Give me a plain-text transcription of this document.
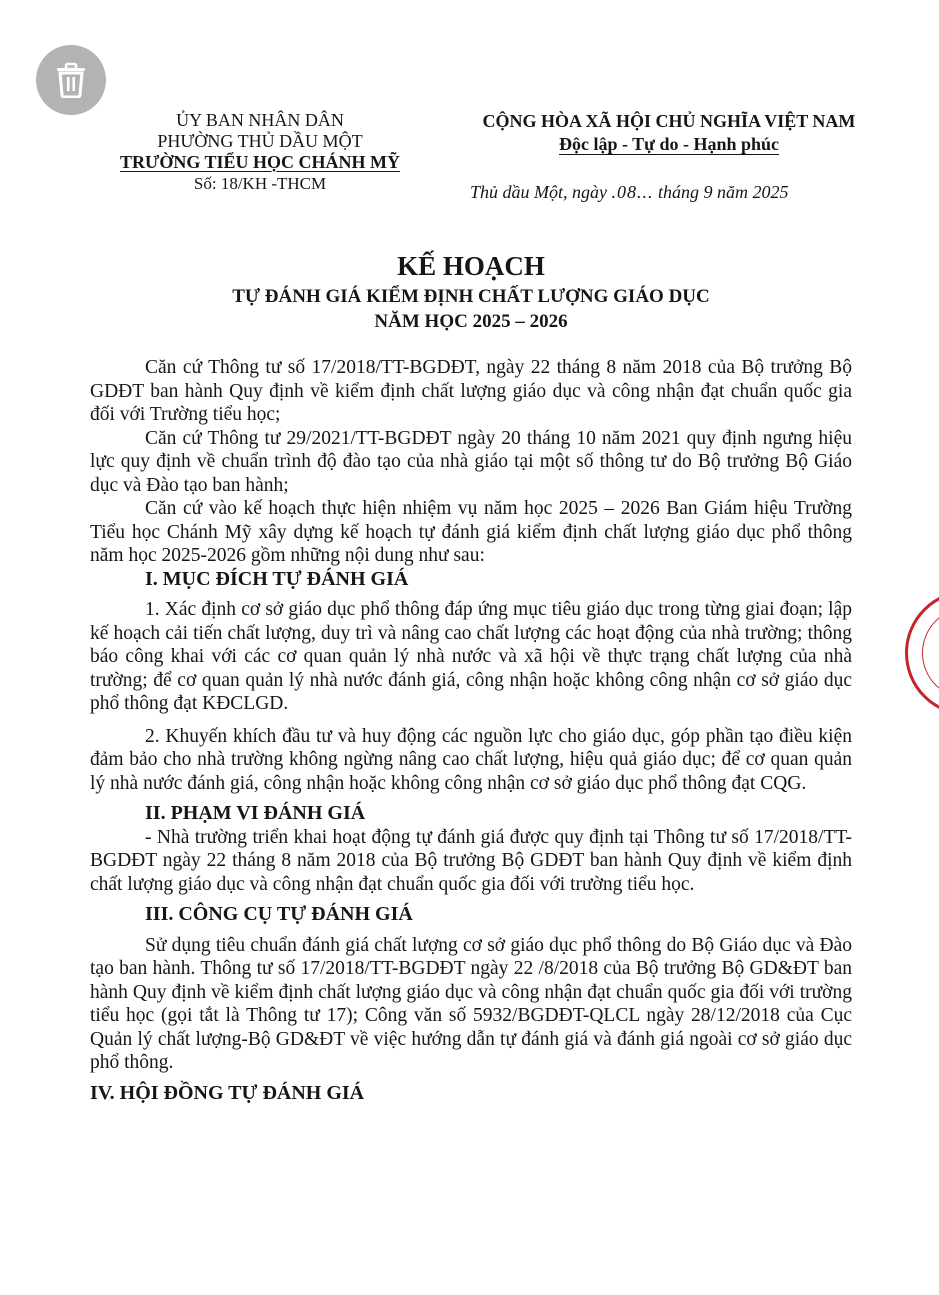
ỦY BAN NHÂN DÂN
PHƯỜNG THỦ DẦU MỘT
TRƯỜNG TIỂU HỌC CHÁNH MỸ
Số: 18/KH -THCM
CỘNG HÒA XÃ HỘI CHỦ NGHĨA VIỆT NAM
Độc lập - Tự do - Hạnh phúc
Thủ dầu Một, ngày .08... tháng 9 năm 2025
KẾ HOẠCH
TỰ ĐÁNH GIÁ KIỂM ĐỊNH CHẤT LƯỢNG GIÁO DỤC
NĂM HỌC 2025 – 2026

Căn cứ Thông tư số 17/2018/TT-BGDĐT, ngày 22 tháng 8 năm 2018 của Bộ trưởng Bộ GDĐT ban hành Quy định về kiểm định chất lượng giáo dục và công nhận đạt chuẩn quốc gia đối với Trường tiểu học;

Căn cứ Thông tư 29/2021/TT-BGDĐT ngày 20 tháng 10 năm 2021 quy định ngưng hiệu lực quy định về chuẩn trình độ đào tạo của nhà giáo tại một số thông tư do Bộ trưởng Bộ Giáo dục và Đào tạo ban hành;

Căn cứ vào kế hoạch thực hiện nhiệm vụ năm học 2025 – 2026 Ban Giám hiệu Trường Tiểu học Chánh Mỹ xây dựng kế hoạch tự đánh giá kiểm định chất lượng giáo dục phổ thông năm học 2025-2026 gồm những nội dung như sau:

I. MỤC ĐÍCH TỰ ĐÁNH GIÁ

1. Xác định cơ sở giáo dục phổ thông đáp ứng mục tiêu giáo dục trong từng giai đoạn; lập kế hoạch cải tiến chất lượng, duy trì và nâng cao chất lượng các hoạt động của nhà trường; thông báo công khai với các cơ quan quản lý nhà nước và xã hội về thực trạng chất lượng của nhà trường; để cơ quan quản lý nhà nước đánh giá, công nhận hoặc không công nhận cơ sở giáo dục phổ thông đạt KĐCLGD.

2. Khuyến khích đầu tư và huy động các nguồn lực cho giáo dục, góp phần tạo điều kiện đảm bảo cho nhà trường không ngừng nâng cao chất lượng, hiệu quả giáo dục; để cơ quan quản lý nhà nước đánh giá, công nhận hoặc không công nhận cơ sở giáo dục phổ thông đạt CQG.

II. PHẠM VI ĐÁNH GIÁ

- Nhà trường triển khai hoạt động tự đánh giá được quy định tại Thông tư số 17/2018/TT-BGDĐT ngày 22 tháng 8 năm 2018 của Bộ trưởng Bộ GDĐT ban hành Quy định về kiểm định chất lượng giáo dục và công nhận đạt chuẩn quốc gia đối với trường tiểu học.

III. CÔNG CỤ TỰ ĐÁNH GIÁ

Sử dụng tiêu chuẩn đánh giá chất lượng cơ sở giáo dục phổ thông do Bộ Giáo dục và Đào tạo ban hành. Thông tư số 17/2018/TT-BGDĐT ngày 22 /8/2018 của Bộ trưởng Bộ GD&ĐT ban hành Quy định về kiểm định chất lượng giáo dục và công nhận đạt chuẩn quốc gia đối với trường tiểu học (gọi tắt là Thông tư 17); Công văn số 5932/BGDĐT-QLCL ngày 28/12/2018 của Cục Quản lý chất lượng-Bộ GD&ĐT về việc hướng dẫn tự đánh giá và đánh giá ngoài cơ sở giáo dục phổ thông.

IV. HỘI ĐỒNG TỰ ĐÁNH GIÁ
